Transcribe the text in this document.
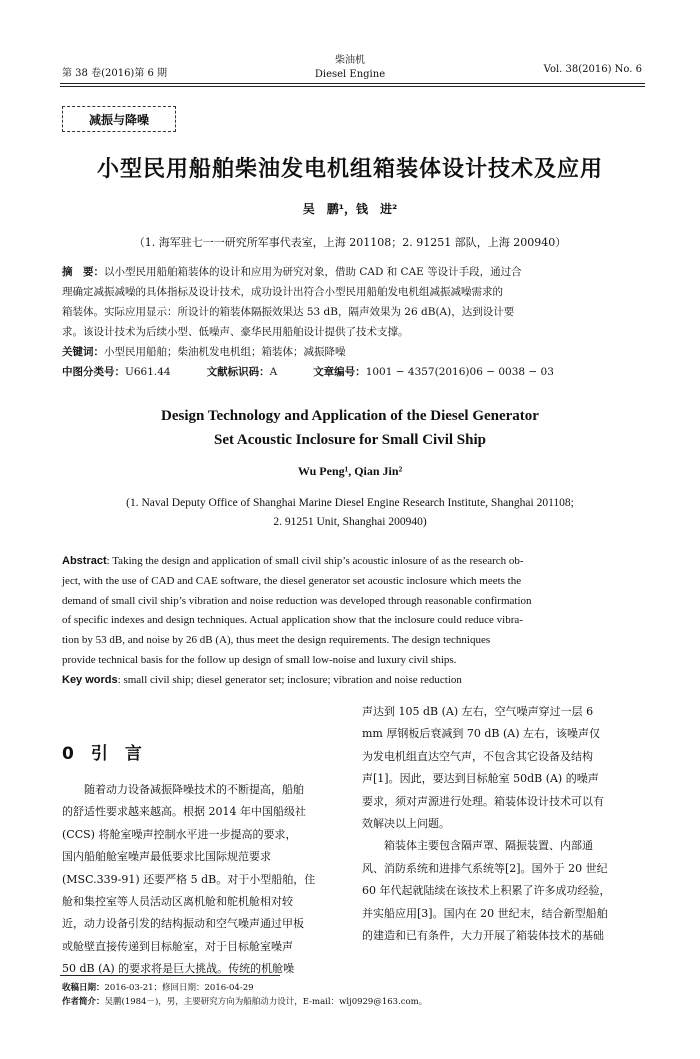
第 38 卷(2016)第 6 期
柴油机
Diesel Engine	Vol. 38(2016) No. 6
减振与降噪
小型民用船舶柴油发电机组箱装体设计技术及应用
吴　鹏¹，钱　进²
（1. 海军驻七一一研究所军事代表室，上海 201108；2. 91251 部队，上海 200940）
摘　要：以小型民用船舶箱装体的设计和应用为研究对象，借助 CAD 和 CAE 等设计手段，通过合
理确定减振减噪的具体指标及设计技术，成功设计出符合小型民用船舶发电机组减振减噪需求的
箱装体。实际应用显示：所设计的箱装体隔振效果达 53 dB，隔声效果为 26 dB(A)，达到设计要
求。该设计技术为后续小型、低噪声、豪华民用船舶设计提供了技术支撑。
关键词：小型民用船舶；柴油机发电机组；箱装体；减振降噪
中图分类号：U661.44	文献标识码：A	文章编号：1001 − 4357(2016)06 − 0038 − 03
Design Technology and Application of the Diesel Generator
Set Acoustic Inclosure for Small Civil Ship
Wu Peng¹, Qian Jin²
(1. Naval Deputy Office of Shanghai Marine Diesel Engine Research Institute, Shanghai 201108;
2. 91251 Unit, Shanghai 200940)
Abstract: Taking the design and application of small civil ship’s acoustic inlosure of as the research ob-
ject, with the use of CAD and CAE software, the diesel generator set acoustic inclosure which meets the
demand of small civil ship’s vibration and noise reduction was developed through reasonable confirmation
of specific indexes and design techniques. Actual application show that the inclosure could reduce vibra-
tion by 53 dB, and noise by 26 dB (A), thus meet the design requirements. The design techniques
provide technical basis for the follow up design of small low-noise and luxury civil ships.
Key words: small civil ship; diesel generator set; inclosure; vibration and noise reduction
0　引　言
　　随着动力设备减振降噪技术的不断提高，船舶
的舒适性要求越来越高。根据 2014 年中国船级社
(CCS) 将舱室噪声控制水平进一步提高的要求，
国内船舶舱室噪声最低要求比国际规范要求
(MSC.339-91) 还要严格 5 dB。对于小型船舶，住
舱和集控室等人员活动区离机舱和舵机舱相对较
近，动力设备引发的结构振动和空气噪声通过甲板
或舱壁直接传递到目标舱室，对于目标舱室噪声
50 dB (A) 的要求将是巨大挑战。传统的机舱噪
声达到 105 dB (A) 左右，空气噪声穿过一层 6
mm 厚钢板后衰减到 70 dB (A) 左右，该噪声仅
为发电机组直达空气声，不包含其它设备及结构
声[1]。因此，要达到目标舱室 50dB (A) 的噪声
要求，须对声源进行处理。箱装体设计技术可以有
效解决以上问题。
　　箱装体主要包含隔声罩、隔振装置、内部通
风、消防系统和进排气系统等[2]。国外于 20 世纪
60 年代起就陆续在该技术上积累了许多成功经验，
并实船应用[3]。国内在 20 世纪末，结合新型船舶
的建造和已有条件，大力开展了箱装体技术的基础
收稿日期：2016-03-21；修回日期：2016-04-29
作者简介：吴鹏(1984－)，男，主要研究方向为船舶动力设计，E-mail：wlj0929@163.com。
